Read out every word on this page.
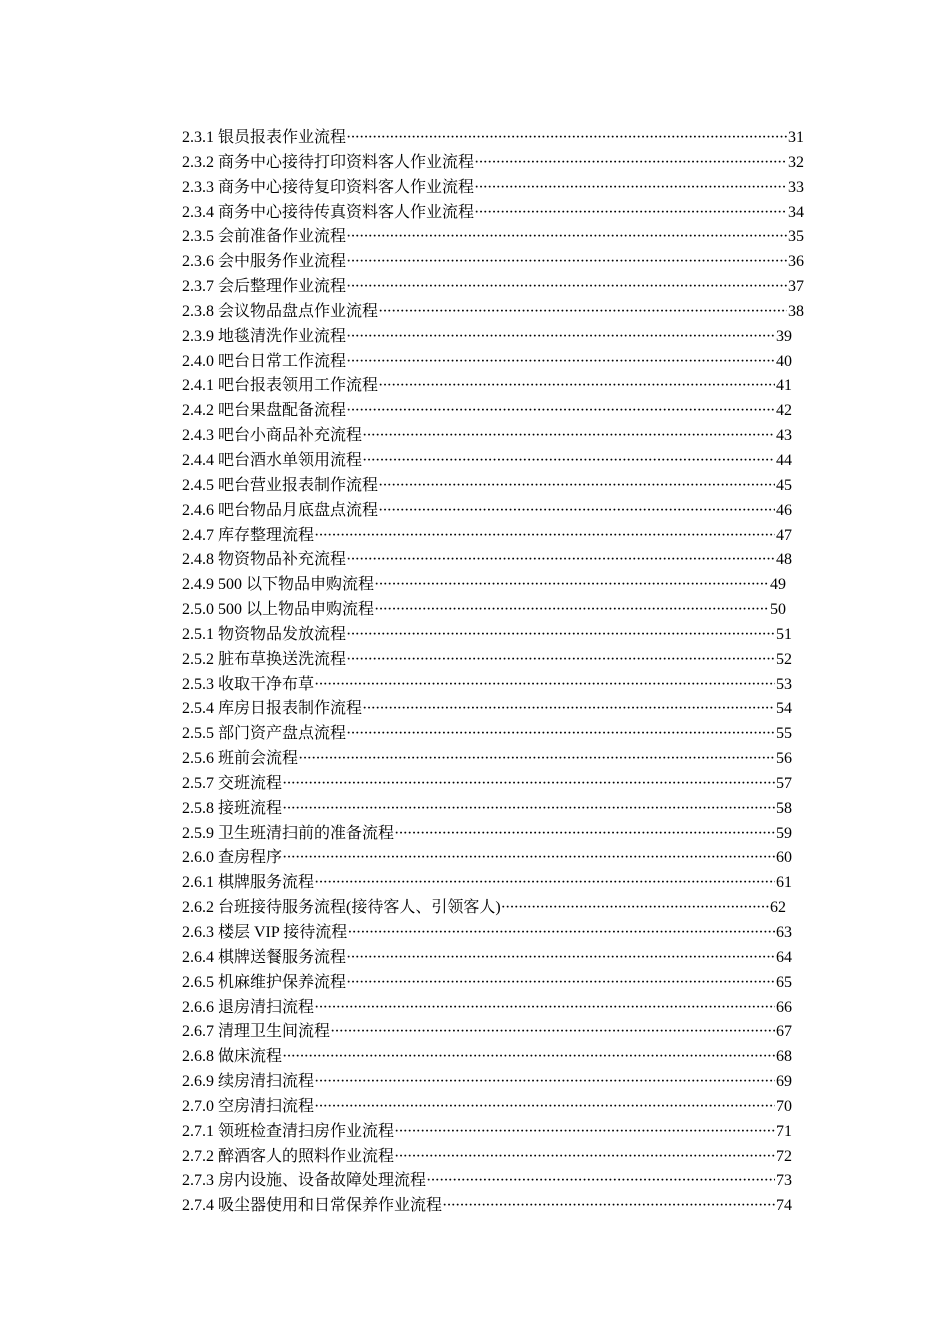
2.3.1 银员报表作业流程 ·····	31
2.3.2 商务中心接待打印资料客人作业流程 ·····	32
2.3.3 商务中心接待复印资料客人作业流程 ·····	33
2.3.4 商务中心接待传真资料客人作业流程 ·····	34
2.3.5 会前准备作业流程 ·····	35
2.3.6 会中服务作业流程 ·····	36
2.3.7 会后整理作业流程 ·····	37
2.3.8 会议物品盘点作业流程 ·····	38
2.3.9 地毯清洗作业流程 ·····	39
2.4.0 吧台日常工作流程 ·····	40
2.4.1 吧台报表领用工作流程 ·····	41
2.4.2 吧台果盘配备流程 ·····	42
2.4.3 吧台小商品补充流程 ·····	43
2.4.4 吧台酒水单领用流程 ·····	44
2.4.5 吧台营业报表制作流程 ·····	45
2.4.6 吧台物品月底盘点流程 ·····	46
2.4.7 库存整理流程 ·····	47
2.4.8 物资物品补充流程 ·····	48
2.4.9 500 以下物品申购流程 ·····	49
2.5.0 500 以上物品申购流程 ·····	50
2.5.1 物资物品发放流程 ·····	51
2.5.2 脏布草换送洗流程 ·····	52
2.5.3 收取干净布草 ·····	53
2.5.4 库房日报表制作流程 ·····	54
2.5.5 部门资产盘点流程 ·····	55
2.5.6 班前会流程 ·····	56
2.5.7 交班流程 ·····	57
2.5.8 接班流程 ·····	58
2.5.9 卫生班清扫前的准备流程 ·····	59
2.6.0 查房程序 ·····	60
2.6.1 棋牌服务流程 ·····	61
2.6.2 台班接待服务流程(接待客人、引领客人) ·····	62
2.6.3 楼层 VIP 接待流程 ·····	63
2.6.4 棋牌送餐服务流程 ·····	64
2.6.5 机麻维护保养流程 ·····	65
2.6.6 退房清扫流程 ·····	66
2.6.7 清理卫生间流程 ·····	67
2.6.8 做床流程 ·····	68
2.6.9 续房清扫流程 ·····	69
2.7.0 空房清扫流程 ·····	70
2.7.1 领班检查清扫房作业流程 ·····	71
2.7.2 醉酒客人的照料作业流程 ·····	72
2.7.3 房内设施、设备故障处理流程 ·····	73
2.7.4 吸尘器使用和日常保养作业流程 ·····	74
